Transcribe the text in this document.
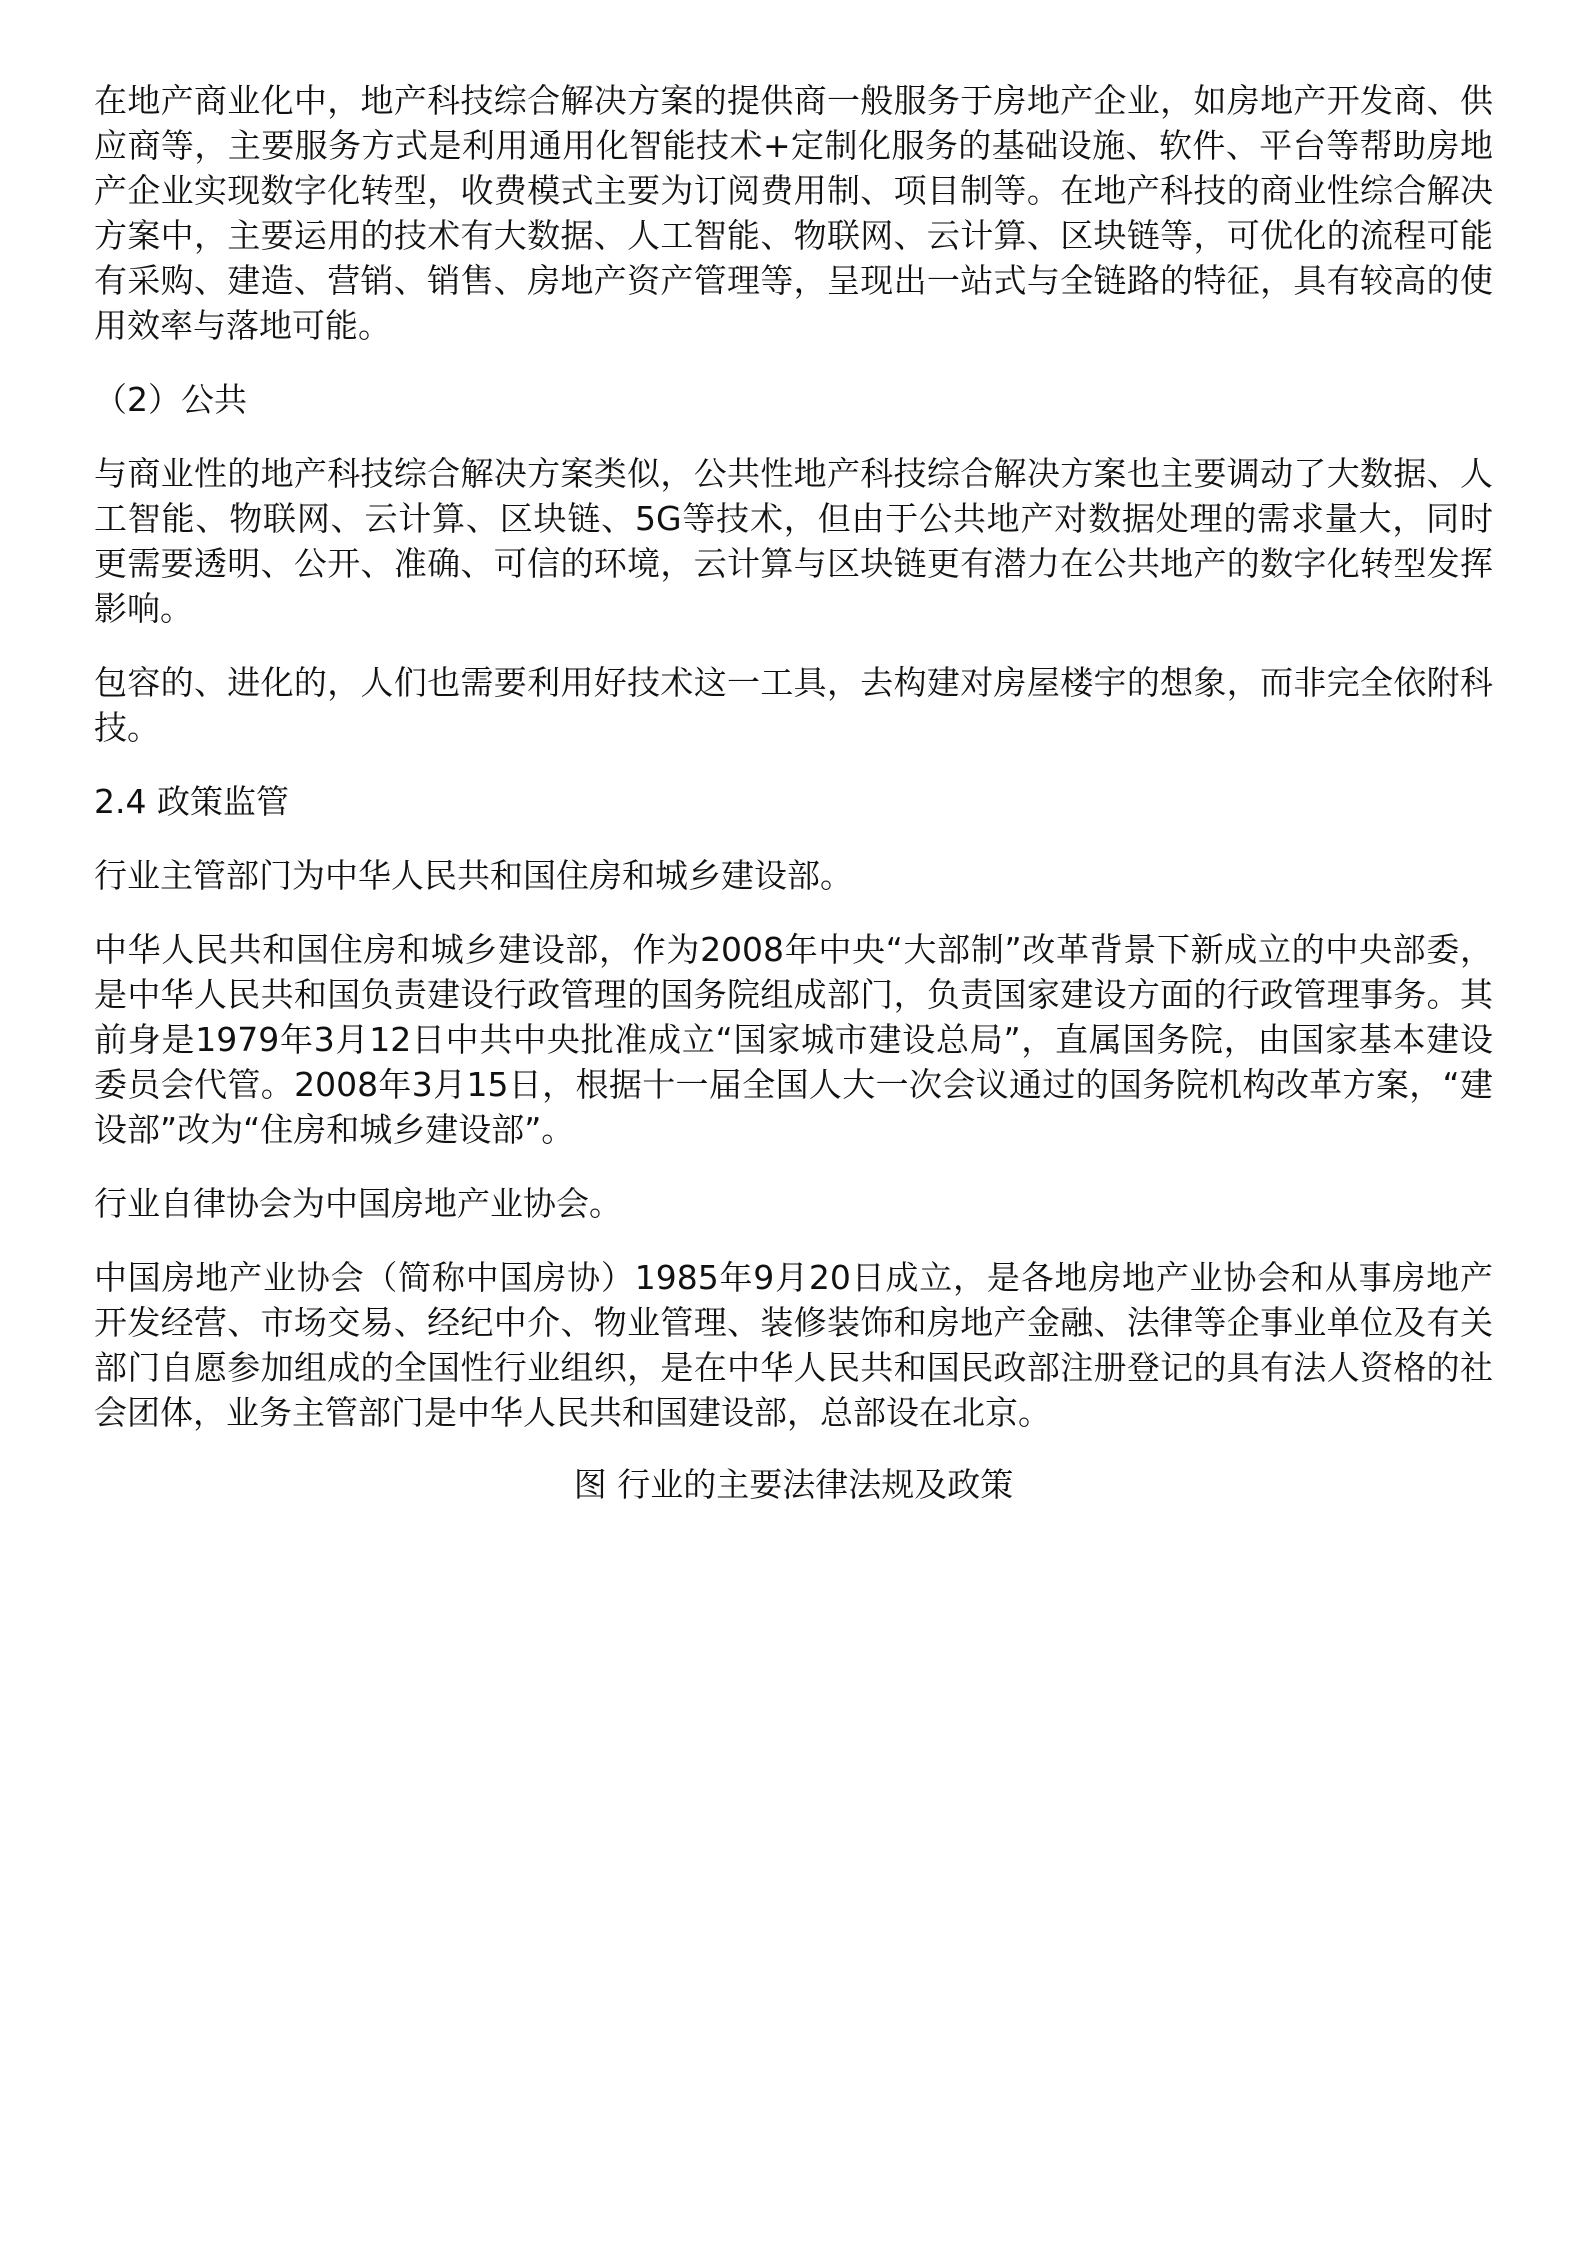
在地产商业化中，地产科技综合解决方案的提供商一般服务于房地产企业，如房地产开发商、供应商等，主要服务方式是利用通用化智能技术+定制化服务的基础设施、软件、平台等帮助房地产企业实现数字化转型，收费模式主要为订阅费用制、项目制等。在地产科技的商业性综合解决方案中，主要运用的技术有大数据、人工智能、物联网、云计算、区块链等，可优化的流程可能有采购、建造、营销、销售、房地产资产管理等，呈现出一站式与全链路的特征，具有较高的使用效率与落地可能。

（2）公共

与商业性的地产科技综合解决方案类似，公共性地产科技综合解决方案也主要调动了大数据、人工智能、物联网、云计算、区块链、5G等技术，但由于公共地产对数据处理的需求量大，同时更需要透明、公开、准确、可信的环境，云计算与区块链更有潜力在公共地产的数字化转型发挥影响。

包容的、进化的，人们也需要利用好技术这一工具，去构建对房屋楼宇的想象，而非完全依附科技。

2.4 政策监管

行业主管部门为中华人民共和国住房和城乡建设部。

中华人民共和国住房和城乡建设部，作为2008年中央“大部制”改革背景下新成立的中央部委，是中华人民共和国负责建设行政管理的国务院组成部门，负责国家建设方面的行政管理事务。其前身是1979年3月12日中共中央批准成立“国家城市建设总局”，直属国务院，由国家基本建设委员会代管。2008年3月15日，根据十一届全国人大一次会议通过的国务院机构改革方案，“建设部”改为“住房和城乡建设部”。

行业自律协会为中国房地产业协会。

中国房地产业协会（简称中国房协）1985年9月20日成立，是各地房地产业协会和从事房地产开发经营、市场交易、经纪中介、物业管理、装修装饰和房地产金融、法律等企事业单位及有关部门自愿参加组成的全国性行业组织，是在中华人民共和国民政部注册登记的具有法人资格的社会团体，业务主管部门是中华人民共和国建设部，总部设在北京。

图 行业的主要法律法规及政策
